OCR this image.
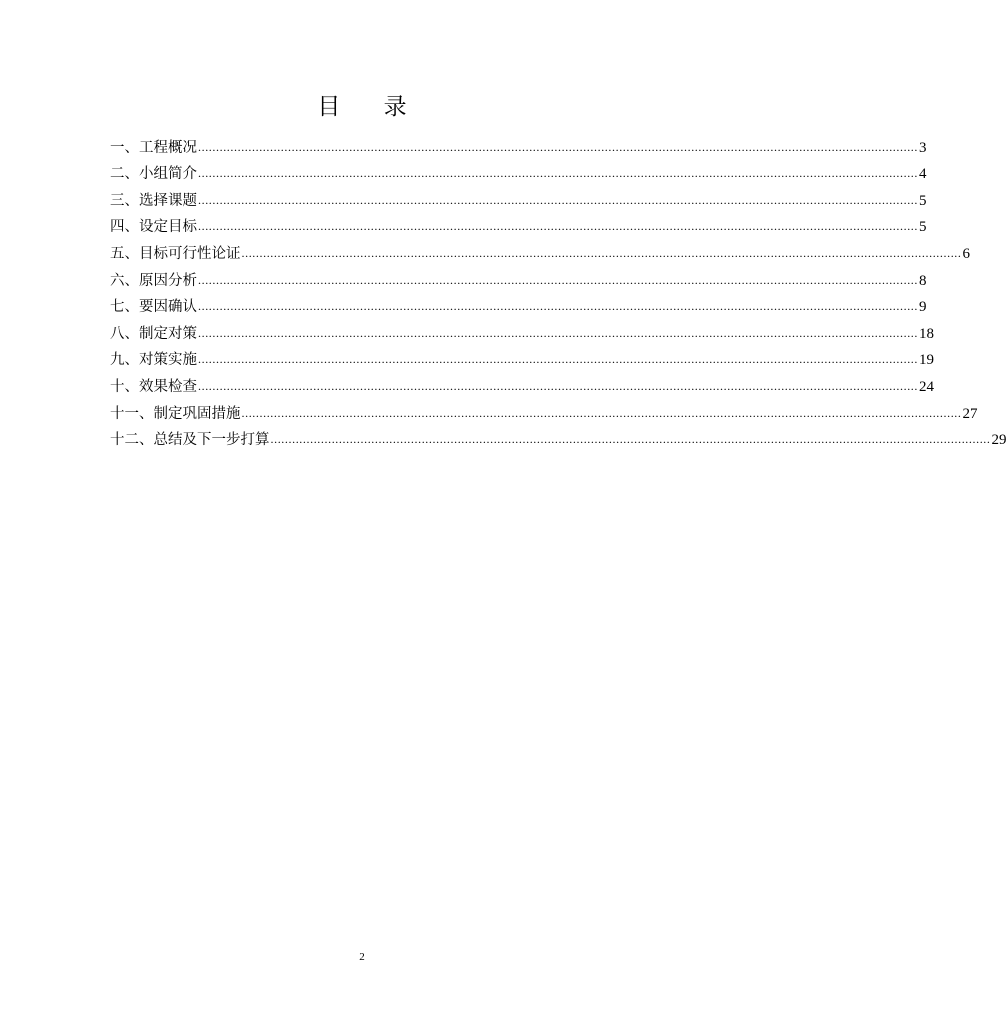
目 录
一、工程概况 ........................................................................................................................................................................................................ 3
二、小组简介 ........................................................................................................................................................................................................ 4
三、选择课题 ........................................................................................................................................................................................................ 5
四、设定目标 ........................................................................................................................................................................................................ 5
五、目标可行性论证 ........................................................................................................................................................................................................ 6
六、原因分析 ........................................................................................................................................................................................................ 8
七、要因确认 ........................................................................................................................................................................................................ 9
八、制定对策 ........................................................................................................................................................................................................ 18
九、对策实施 ........................................................................................................................................................................................................ 19
十、效果检查 ........................................................................................................................................................................................................ 24
十一、制定巩固措施 ........................................................................................................................................................................................................ 27
十二、总结及下一步打算 ........................................................................................................................................................................................................ 29
2
